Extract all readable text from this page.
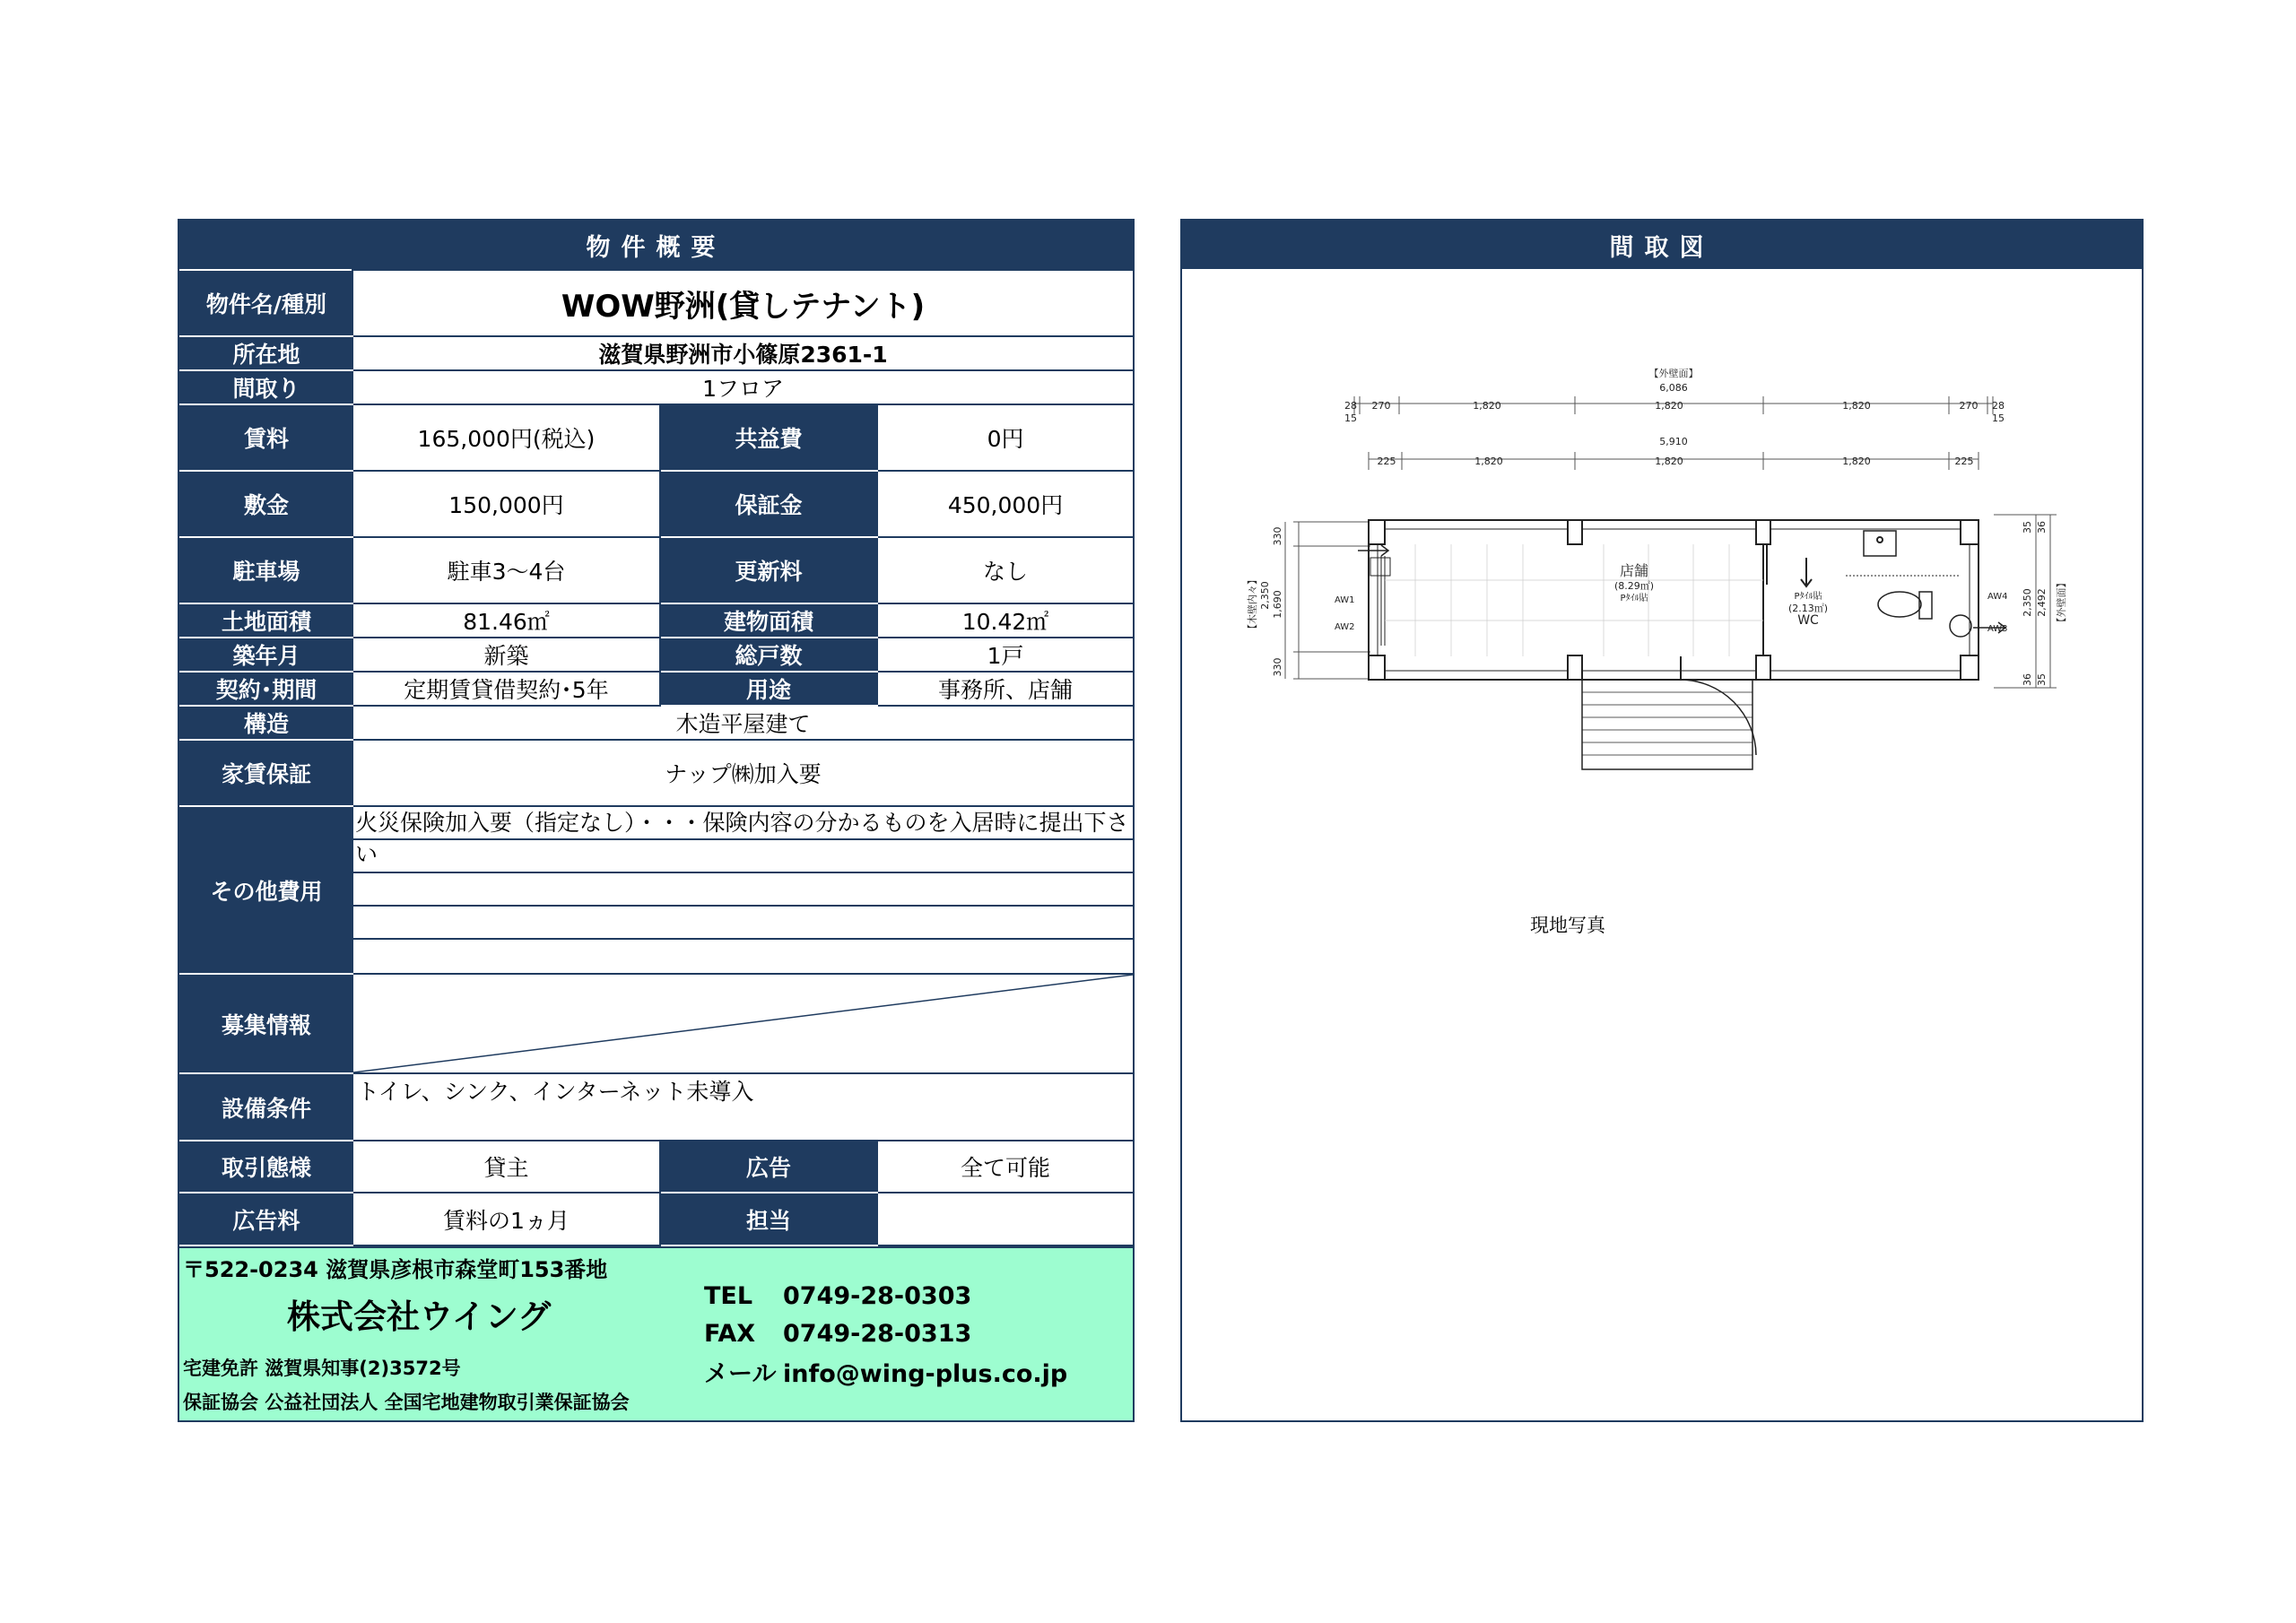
物件概要
物件名/種別	WOW野洲(貸しテナント)		
所在地	滋賀県野洲市小篠原2361-1		
間取り	1フロア		
賃料	165,000円(税込)	共益費	0円
敷金	150,000円	保証金	450,000円
駐車場	駐車3～4台	更新料	なし
土地面積	81.46㎡	建物面積	10.42㎡
築年月	新築	総戸数	1戸
契約･期間	定期賃貸借契約･5年	用途	事務所、店舗
構造	木造平屋建て		
家賃保証	ナップ㈱加入要		
その他費用	火災保険加入要（指定なし）・・・保険内容の分かるものを入居時に提出下さい		

募集情報	

設備条件	トイレ、シンク、インターネット未導入		
取引態様	貸主	広告	全て可能
広告料	賃料の1ヵ月	担当	
〒522-0234 滋賀県彦根市森堂町153番地
株式会社ウイング
宅建免許 滋賀県知事(2)3572号
保証協会 公益社団法人 全国宅地建物取引業保証協会
TEL 0749-28-0303
FAX 0749-28-0313
メール info@wing-plus.co.jp
間取図
【外壁面】
6,086
28 270	1,820	1,820	1,820	270 28
15	15
5,910
225	1,820	1,820	1,820	225
AW1
AW2	AW3
AW4
330
1,690
330
2,350
【木壁内々】
35 36
36 35
2,350 2,492 【外壁面】
店舗
(8.29㎡)
Pﾀｲﾙ貼	Pﾀｲﾙ貼
(2.13㎡)
WC
現地写真
